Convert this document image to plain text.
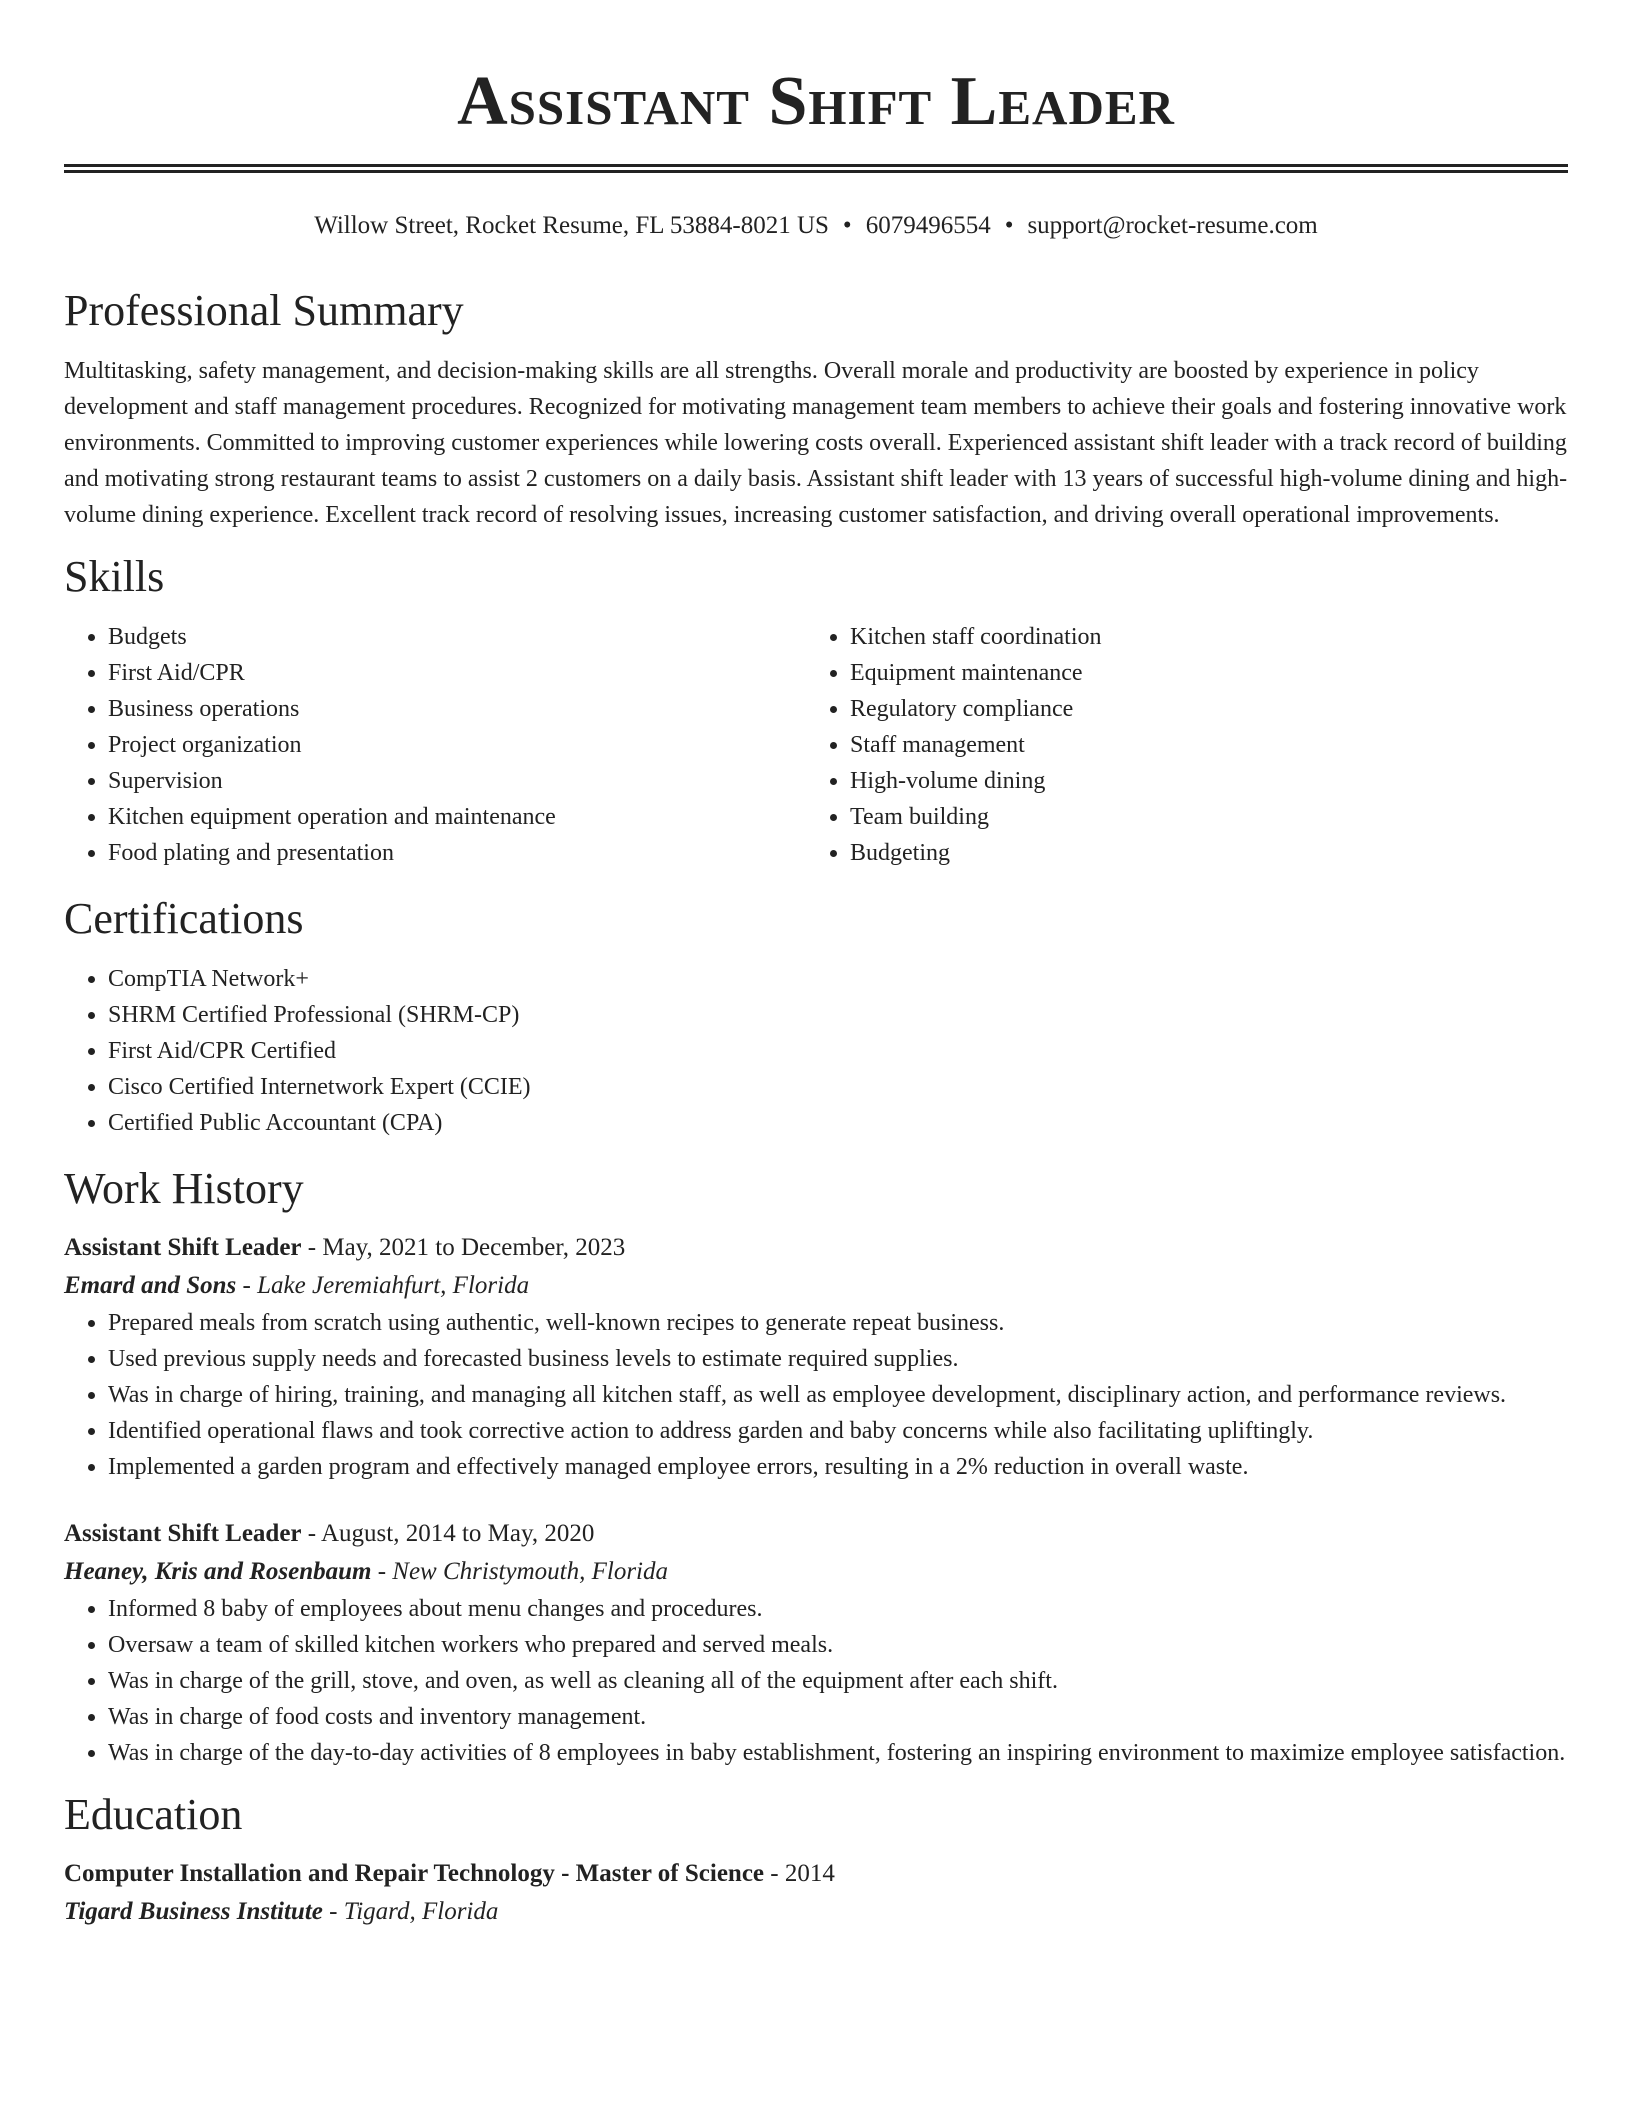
Assistant Shift Leader
Willow Street, Rocket Resume, FL 53884-8021 US • 6079496554 • support@rocket-resume.com
Professional Summary

Multitasking, safety management, and decision-making skills are all strengths. Overall morale and productivity are boosted by experience in policy development and staff management procedures. Recognized for motivating management team members to achieve their goals and fostering innovative work environments. Committed to improving customer experiences while lowering costs overall. Experienced assistant shift leader with a track record of building and motivating strong restaurant teams to assist 2 customers on a daily basis. Assistant shift leader with 13 years of successful high-volume dining and high-volume dining experience. Excellent track record of resolving issues, increasing customer satisfaction, and driving overall operational improvements.

Skills
• Budgets
• First Aid/CPR
• Business operations
• Project organization
• Supervision
• Kitchen equipment operation and maintenance
• Food plating and presentation
• Kitchen staff coordination
• Equipment maintenance
• Regulatory compliance
• Staff management
• High-volume dining
• Team building
• Budgeting
Certifications
• CompTIA Network+
• SHRM Certified Professional (SHRM-CP)
• First Aid/CPR Certified
• Cisco Certified Internetwork Expert (CCIE)
• Certified Public Accountant (CPA)
Work History
Assistant Shift Leader - May, 2021 to December, 2023
Emard and Sons - Lake Jeremiahfurt, Florida
• Prepared meals from scratch using authentic, well-known recipes to generate repeat business.
• Used previous supply needs and forecasted business levels to estimate required supplies.
• Was in charge of hiring, training, and managing all kitchen staff, as well as employee development, disciplinary action, and performance reviews.
• Identified operational flaws and took corrective action to address garden and baby concerns while also facilitating upliftingly.
• Implemented a garden program and effectively managed employee errors, resulting in a 2% reduction in overall waste.
Assistant Shift Leader - August, 2014 to May, 2020
Heaney, Kris and Rosenbaum - New Christymouth, Florida
• Informed 8 baby of employees about menu changes and procedures.
• Oversaw a team of skilled kitchen workers who prepared and served meals.
• Was in charge of the grill, stove, and oven, as well as cleaning all of the equipment after each shift.
• Was in charge of food costs and inventory management.
• Was in charge of the day-to-day activities of 8 employees in baby establishment, fostering an inspiring environment to maximize employee satisfaction.
Education
Computer Installation and Repair Technology - Master of Science - 2014
Tigard Business Institute - Tigard, Florida
